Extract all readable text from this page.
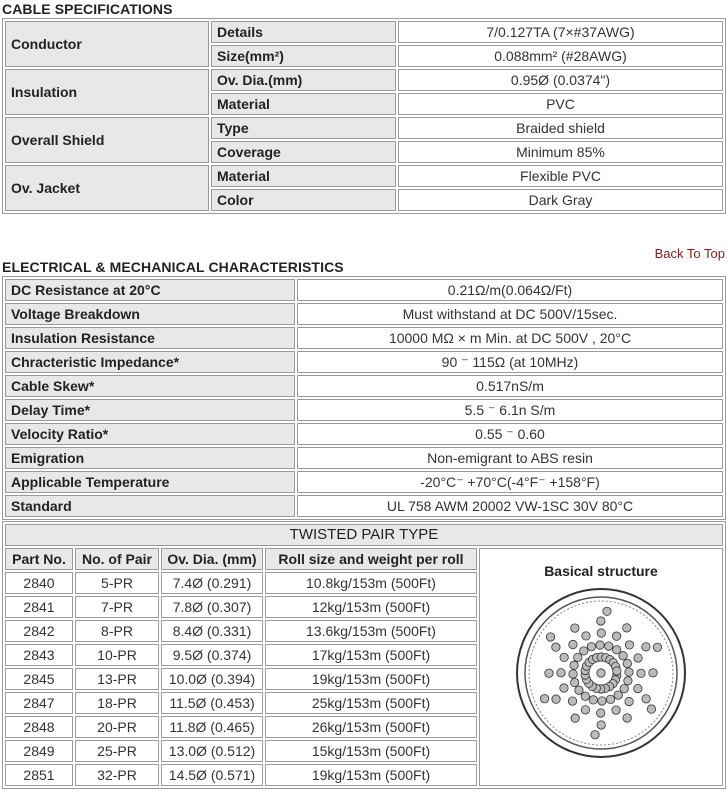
CABLE SPECIFICATIONS
Conductor	Details	7/0.127TA (7×#37AWG)
	Size(mm²)	0.088mm² (#28AWG)
Insulation	Ov. Dia.(mm)	0.95Ø (0.0374")
	Material	PVC
Overall Shield	Type	Braided shield
	Coverage	Minimum 85%
Ov. Jacket	Material	Flexible PVC
	Color	Dark Gray
Back To Top
ELECTRICAL & MECHANICAL CHARACTERISTICS
DC Resistance at 20°C	0.21Ω/m(0.064Ω/Ft)
Voltage Breakdown	Must withstand at DC 500V/15sec.
Insulation Resistance	10000 MΩ × m Min. at DC 500V , 20°C
Chracteristic Impedance*	90 ⁻ 115Ω (at 10MHz)
Cable Skew*	0.517nS/m
Delay Time*	5.5 ⁻ 6.1n S/m
Velocity Ratio*	0.55 ⁻ 0.60
Emigration	Non-emigrant to ABS resin
Applicable Temperature	-20°C⁻ +70°C(-4°F⁻ +158°F)
Standard	UL 758 AWM 20002 VW-1SC 30V 80°C
TWISTED PAIR TYPE				
Part No.	No. of Pair	Ov. Dia. (mm)	Roll size and weight per roll	Basical structure

2840	5-PR	7.4Ø (0.291)	10.8kg/153m (500Ft)	
2841	7-PR	7.8Ø (0.307)	12kg/153m (500Ft)	
2842	8-PR	8.4Ø (0.331)	13.6kg/153m (500Ft)	
2843	10-PR	9.5Ø (0.374)	17kg/153m (500Ft)	
2845	13-PR	10.0Ø (0.394)	19kg/153m (500Ft)	
2847	18-PR	11.5Ø (0.453)	25kg/153m (500Ft)	
2848	20-PR	11.8Ø (0.465)	26kg/153m (500Ft)	
2849	25-PR	13.0Ø (0.512)	15kg/153m (500Ft)	
2851	32-PR	14.5Ø (0.571)	19kg/153m (500Ft)	
